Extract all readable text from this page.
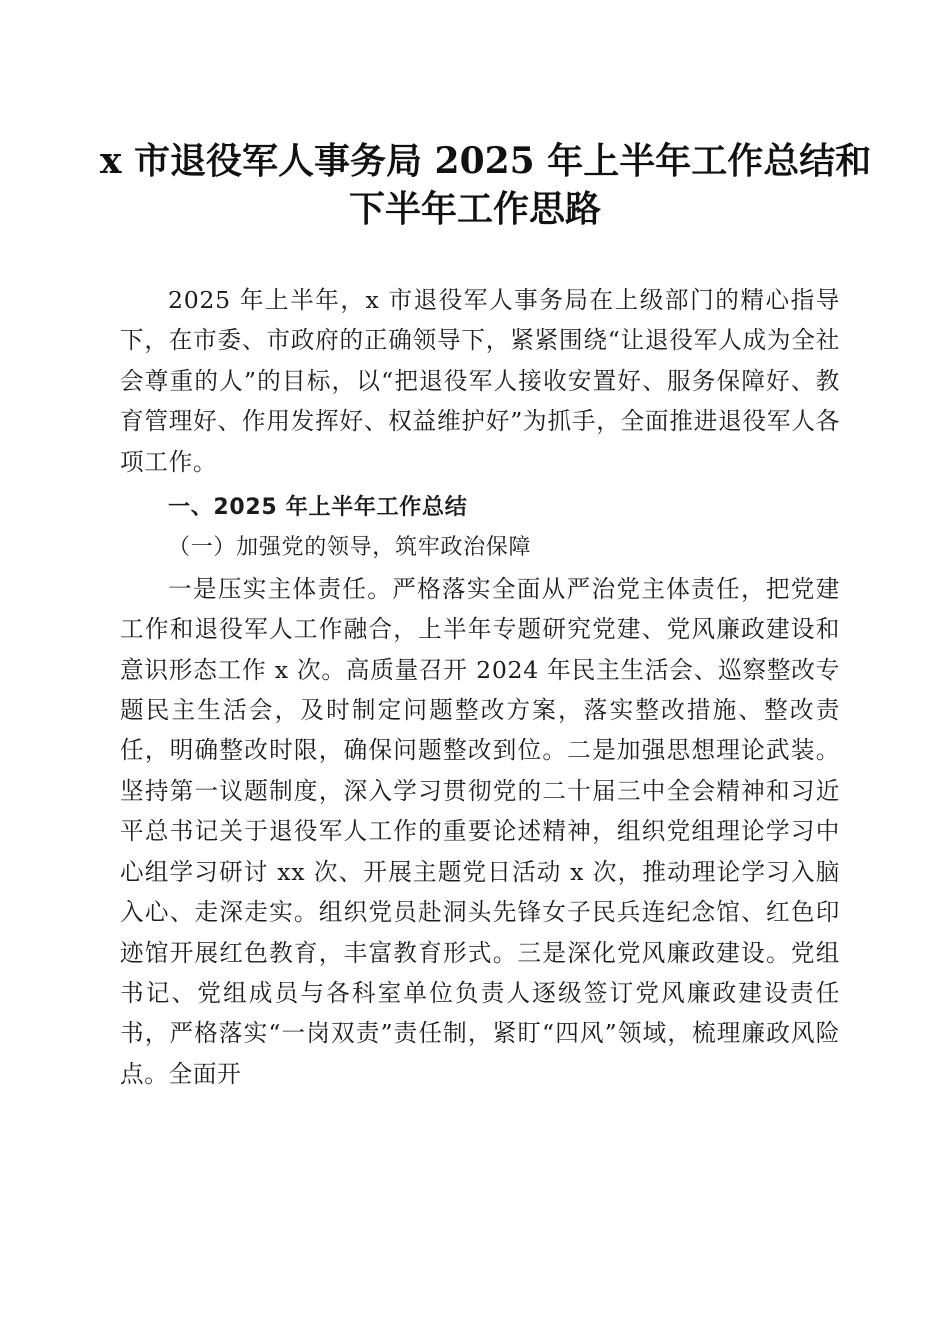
x 市退役军人事务局 2025 年上半年工作总结和
下半年工作思路

2025 年上半年，x 市退役军人事务局在上级部门的精心指导下，在市委、市政府的正确领导下，紧紧围绕“让退役军人成为全社会尊重的人”的目标，以“把退役军人接收安置好、服务保障好、教育管理好、作用发挥好、权益维护好”为抓手，全面推进退役军人各项工作。

一、2025 年上半年工作总结

（一）加强党的领导，筑牢政治保障

一是压实主体责任。严格落实全面从严治党主体责任，把党建工作和退役军人工作融合，上半年专题研究党建、党风廉政建设和意识形态工作 x 次。高质量召开 2024 年民主生活会、巡察整改专题民主生活会，及时制定问题整改方案，落实整改措施、整改责任，明确整改时限，确保问题整改到位。二是加强思想理论武装。坚持第一议题制度，深入学习贯彻党的二十届三中全会精神和习近平总书记关于退役军人工作的重要论述精神，组织党组理论学习中心组学习研讨 xx 次、开展主题党日活动 x 次，推动理论学习入脑入心、走深走实。组织党员赴洞头先锋女子民兵连纪念馆、红色印迹馆开展红色教育，丰富教育形式。三是深化党风廉政建设。党组书记、党组成员与各科室单位负责人逐级签订党风廉政建设责任书，严格落实“一岗双责”责任制，紧盯“四风”领域，梳理廉政风险点。全面开
